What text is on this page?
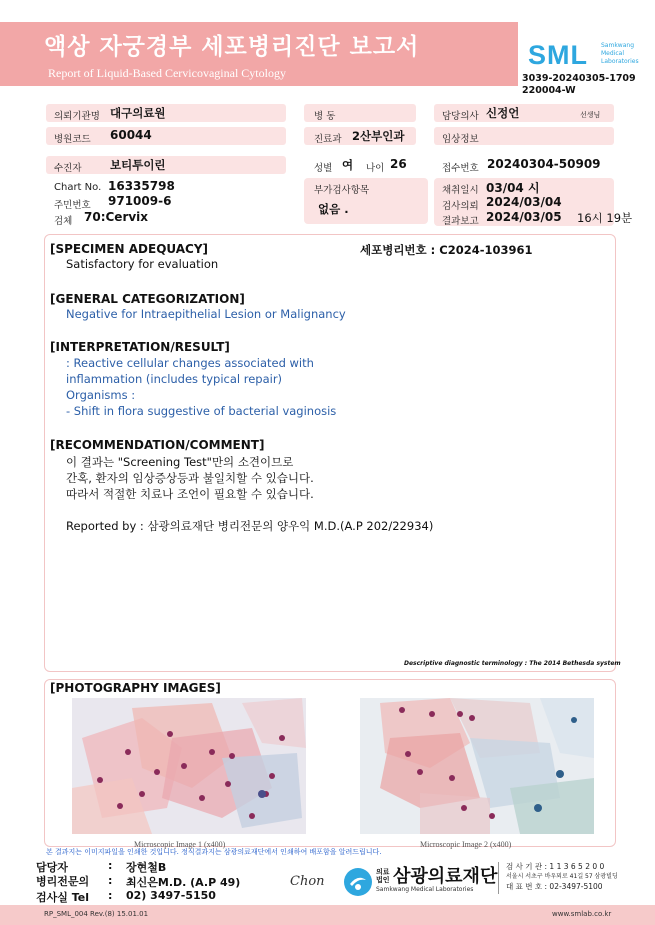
액상 자궁경부 세포병리진단 보고서
Report of Liquid-Based Cervicovaginal Cytology
SML Samkwang
Medical
Laboratories
3039-20240305-1709
220004-W
의뢰기관명 대구의료원	병 동	담당의사 신정언	선생님
병원코드 60044	진료과 2산부인과	임상정보
수진자 보티투이린	성별 여 나이 26	접수번호 20240304-50909
Chart No. 16335798
주민번호 971009-6
검체 70:Cervix
부가검사항목
없음 .
채취일시 03/04 시
검사의뢰 2024/03/04
결과보고 2024/03/05 16시 19분
[SPECIMEN ADEQUACY]	세포병리번호 : C2024-103961
Satisfactory for evaluation
[GENERAL CATEGORIZATION]
Negative for Intraepithelial Lesion or Malignancy
[INTERPRETATION/RESULT]
: Reactive cellular changes associated with
inflammation (includes typical repair)
Organisms :
- Shift in flora suggestive of bacterial vaginosis
[RECOMMENDATION/COMMENT]
이 결과는 "Screening Test"만의 소견이므로
간혹, 환자의 임상증상등과 불일치할 수 있습니다.
따라서 적절한 치료나 조언이 필요할 수 있습니다.
Reported by : 삼광의료재단 병리전문의 양우익 M.D.(A.P 202/22934)
Descriptive diagnostic terminology : The 2014 Bethesda system
[PHOTOGRAPHY IMAGES]
Microscopic Image 1 (x400)	Microscopic Image 2 (x400)
본 결과지는 이미지파일을 인쇄한 것입니다. 정식결과지는 삼광의료재단에서 인쇄하여 배포함을 알려드립니다.
담당자	: 장현철B
병리전문의 : 최신은M.D. (A.P 49)
검사실 Tel : 02) 3497-5150
Chon
의료
법인 삼광의료재단
Samkwang Medical Laboratories
검 사 기 관 : 1 1 3 6 5 2 0 0
서울시 서초구 바우뫼로 41길 57 삼광빌딩
대 표 번 호 : 02-3497-5100
RP_SML_004 Rev.(8) 15.01.01	www.smlab.co.kr
